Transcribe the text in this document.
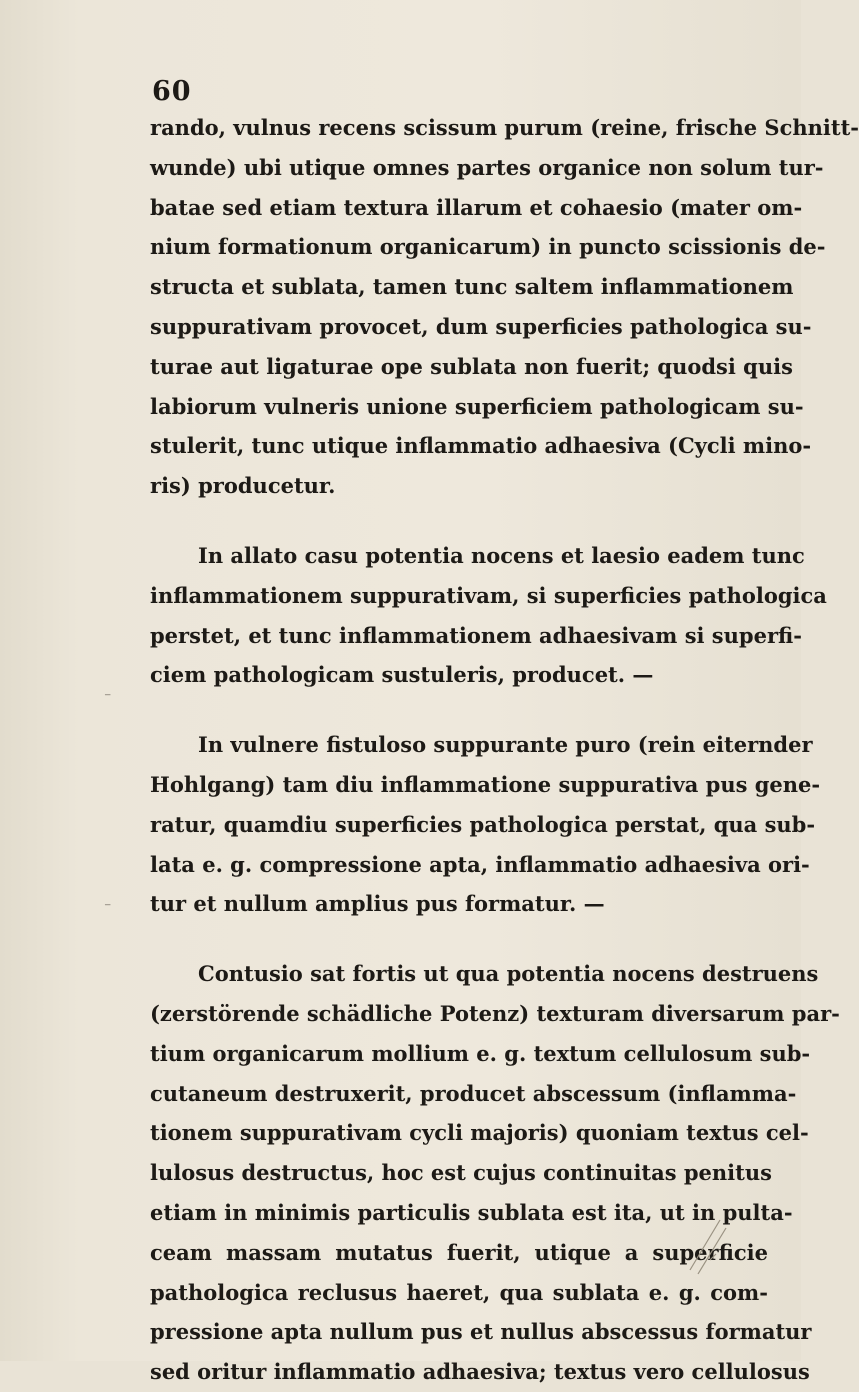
60
rando, vulnus recens scissum purum (reine, frische Schnitt-
wunde) ubi utique omnes partes organice non solum tur-
batae sed etiam textura illarum et cohaesio (mater om-
nium formationum organicarum) in puncto scissionis de-
structa et sublata, tamen tunc saltem inflammationem
suppurativam provocet, dum superficies pathologica su-
turae aut ligaturae ope sublata non fuerit; quodsi quis
labiorum vulneris unione superficiem pathologicam su-
stulerit, tunc utique inflammatio adhaesiva (Cycli mino-
ris) producetur.
In allato casu potentia nocens et laesio eadem tunc
inflammationem suppurativam, si superficies pathologica
perstet, et tunc inflammationem adhaesivam si superfi-
ciem pathologicam sustuleris, producet. —
In vulnere fistuloso suppurante puro (rein eiternder
Hohlgang) tam diu inflammatione suppurativa pus gene-
ratur, quamdiu superficies pathologica perstat, qua sub-
lata e. g. compressione apta, inflammatio adhaesiva ori-
tur et nullum amplius pus formatur. —
Contusio sat fortis ut qua potentia nocens destruens
(zerstörende schädliche Potenz) texturam diversarum par-
tium organicarum mollium e. g. textum cellulosum sub-
cutaneum destruxerit, producet abscessum (inflamma-
tionem suppurativam cycli majoris) quoniam textus cel-
lulosus destructus, hoc est cujus continuitas penitus
etiam in minimis particulis sublata est ita, ut in pulta-
ceam massam mutatus fuerit, utique a superficie
pathologica reclusus haeret, qua sublata e. g. com-
pressione apta nullum pus et nullus abscessus formatur
sed oritur inflammatio adhaesiva; textus vero cellulosus
⁻
⁻
